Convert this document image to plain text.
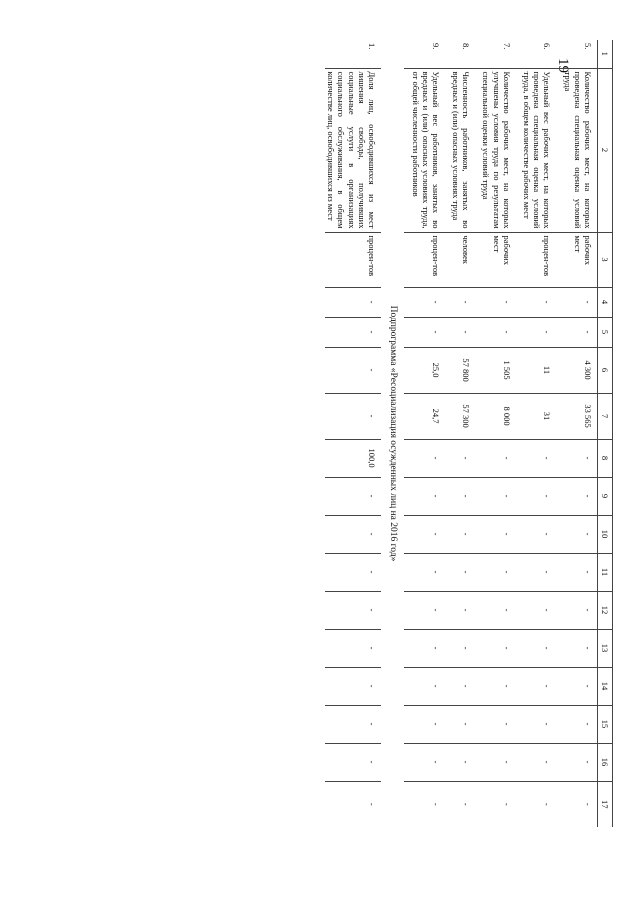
19
1	2	3	4	5	6	7	8	9	10	11	12	13	14	15	16	17
5.	Количество рабочих мест, на которых проведена специальная оценка условий труда	рабочих мест	-	-	4 300	33 565	-	-	-	-	-	-	-	-	-	-
6.	Удельный вес рабочих мест, на которых проведена специальная оценка условий труда, в общем количестве рабочих мест	процен-тов	-	-	11	31	-	-	-	-	-	-	-	-	-	-
7.	Количество рабочих мест, на которых улучшены условия труда по результатам специальной оценки условий труда	рабочих мест	-	-	1 505	8 000	-	-	-	-	-	-	-	-	-	-
8.	Численность работников, занятых во вредных и (или) опасных условиях труда	человек	-	-	57 800	57 300	-	-	-	-	-	-	-	-	-	-
9.	Удельный вес работников, занятых во вредных и (или) опасных условиях труда, от общей численности работников	процен-тов	-	-	25,0	24,7	-	-	-	-	-	-	-	-	-	-
Подпрограмма «Ресоциализация осужденных лиц на 2016 год»																
1.	Доля лиц, освободившихся из мест лишения свободы, получивших социальные услуги в организациях социального обслуживания, в общем количестве лиц, освободившихся из мест	процен-тов	-	-	-	-	100,0	-	-	-	-	-	-	-	-	-
